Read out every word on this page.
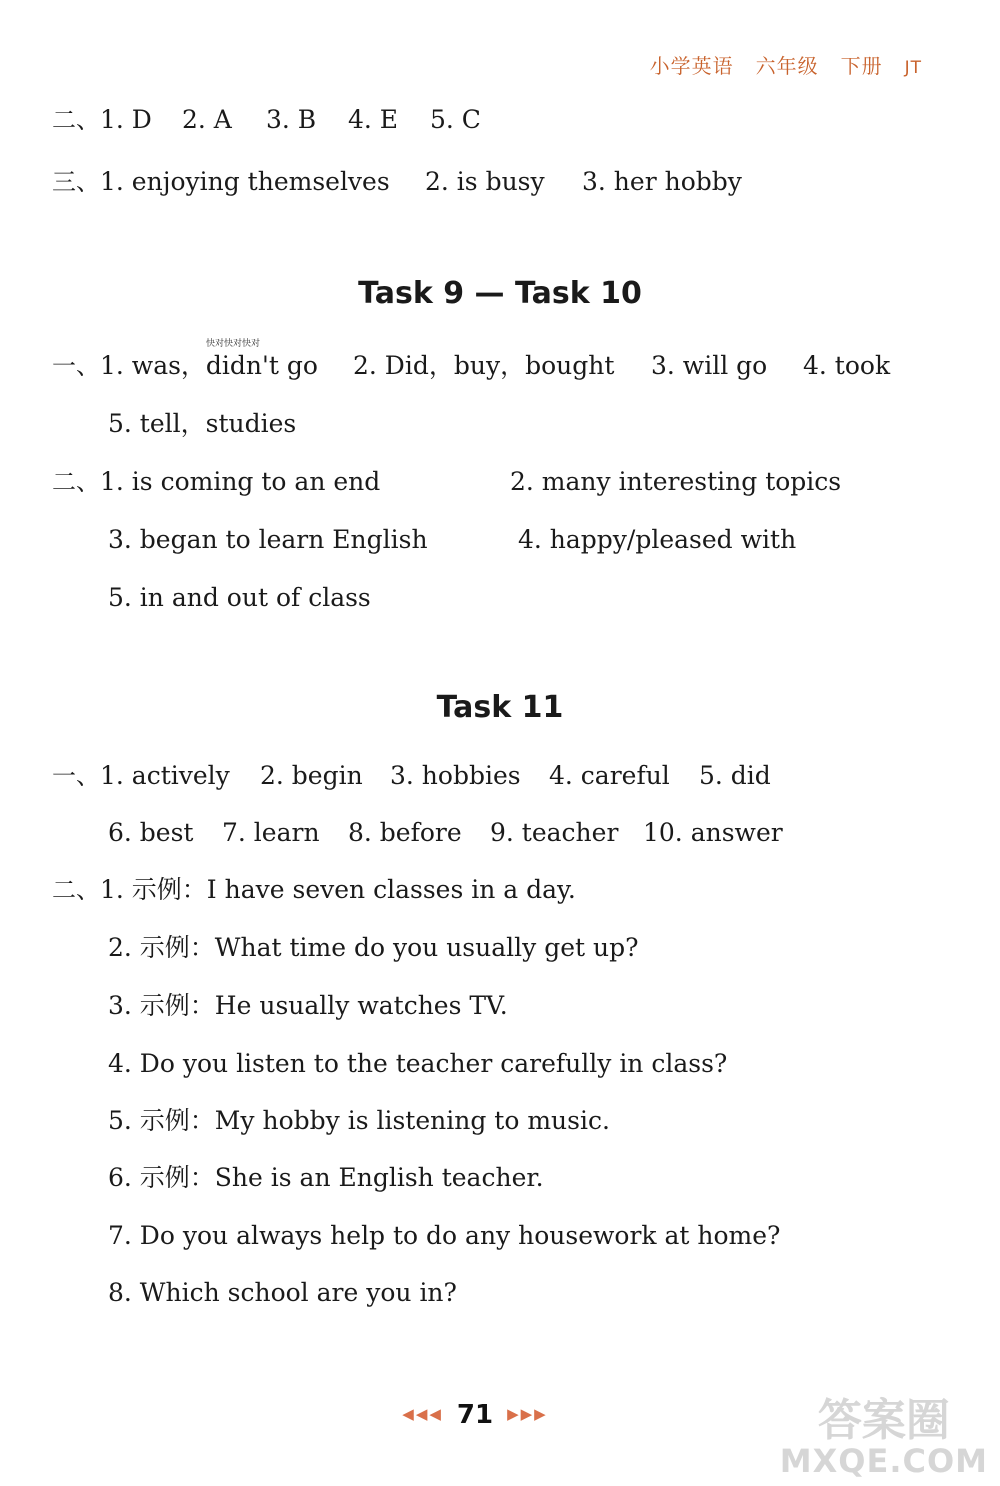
小学英语 六年级 下册 JT
二、1. D 2. A 3. B 4. E 5. C
三、1. enjoying themselves 2. is busy 3. her hobby
Task 9 — Task 10
快对快对快对
一、1. was，didn't go 2. Did，buy，bought 3. will go 4. took
5. tell，studies
二、1. is coming to an end	2. many interesting topics
3. began to learn English	4. happy/pleased with
5. in and out of class
Task 11
一、1. actively 2. begin 3. hobbies 4. careful 5. did
6. best 7. learn 8. before 9. teacher 10. answer
二、1. 示例：I have seven classes in a day.
2. 示例：What time do you usually get up?
3. 示例：He usually watches TV.
4. Do you listen to the teacher carefully in class?
5. 示例：My hobby is listening to music.
6. 示例：She is an English teacher.
7. Do you always help to do any housework at home?
8. Which school are you in?
◀◀◀ 71 ▶▶▶	答案圈
MXQE.COM
